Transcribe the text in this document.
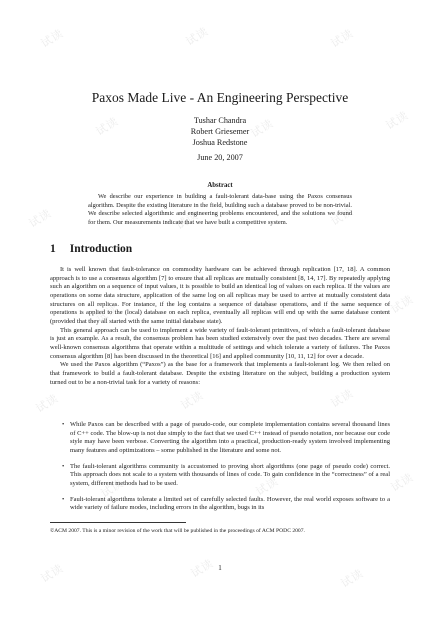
试读	试读	试读
试读	试读	试读
试读	试读	试读
试读	试读	试读
试读	试读	试读
试读	试读	试读
试读	试读	试读
Paxos Made Live - An Engineering Perspective
Tushar Chandra
Robert Griesemer
Joshua Redstone
June 20, 2007
Abstract

We describe our experience in building a fault-tolerant data-base using the Paxos consensus algorithm. Despite the existing literature in the field, building such a database proved to be non-trivial. We describe selected algorithmic and engineering problems encountered, and the solutions we found for them. Our measurements indicate that we have built a competitive system.

1 Introduction

It is well known that fault-tolerance on commodity hardware can be achieved through replication [17, 18]. A common approach is to use a consensus algorithm [7] to ensure that all replicas are mutually consistent [8, 14, 17]. By repeatedly applying such an algorithm on a sequence of input values, it is possible to build an identical log of values on each replica. If the values are operations on some data structure, application of the same log on all replicas may be used to arrive at mutually consistent data structures on all replicas. For instance, if the log contains a sequence of database operations, and if the same sequence of operations is applied to the (local) database on each replica, eventually all replicas will end up with the same database content (provided that they all started with the same initial database state).

This general approach can be used to implement a wide variety of fault-tolerant primitives, of which a fault-tolerant database is just an example. As a result, the consensus problem has been studied extensively over the past two decades. There are several well-known consensus algorithms that operate within a multitude of settings and which tolerate a variety of failures. The Paxos consensus algorithm [8] has been discussed in the theoretical [16] and applied community [10, 11, 12] for over a decade.

We used the Paxos algorithm (“Paxos”) as the base for a framework that implements a fault-tolerant log. We then relied on that framework to build a fault-tolerant database. Despite the existing literature on the subject, building a production system turned out to be a non-trivial task for a variety of reasons:

• While Paxos can be described with a page of pseudo-code, our complete implementation contains several thousand lines of C++ code. The blow-up is not due simply to the fact that we used C++ instead of pseudo notation, nor because our code style may have been verbose. Converting the algorithm into a practical, production-ready system involved implementing many features and optimizations – some published in the literature and some not.
• The fault-tolerant algorithms community is accustomed to proving short algorithms (one page of pseudo code) correct. This approach does not scale to a system with thousands of lines of code. To gain confidence in the “correctness” of a real system, different methods had to be used.
• Fault-tolerant algorithms tolerate a limited set of carefully selected faults. However, the real world exposes software to a wide variety of failure modes, including errors in the algorithm, bugs in its
©ACM 2007. This is a minor revision of the work that will be published in the proceedings of ACM PODC 2007.
1
